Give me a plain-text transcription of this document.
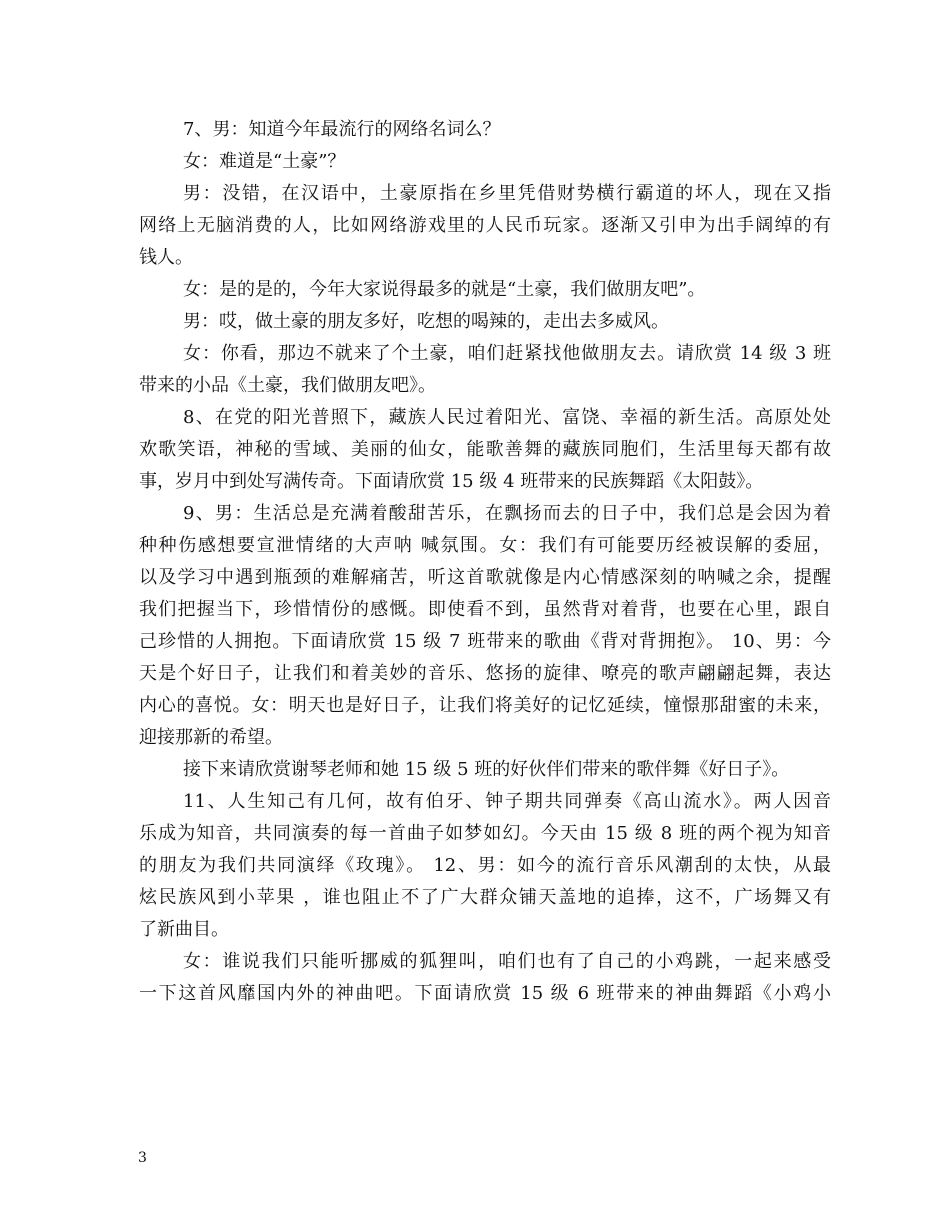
7、男：知道今年最流行的网络名词么？
女：难道是“土豪”？
男：没错，在汉语中，土豪原指在乡里凭借财势横行霸道的坏人，现在又指
网络上无脑消费的人，比如网络游戏里的人民币玩家。逐渐又引申为出手阔绰的有
钱人。
女：是的是的，今年大家说得最多的就是“土豪，我们做朋友吧”。
男：哎，做土豪的朋友多好，吃想的喝辣的，走出去多威风。
女：你看，那边不就来了个土豪，咱们赶紧找他做朋友去。请欣赏 14 级 3 班
带来的小品《土豪，我们做朋友吧》。
8、在党的阳光普照下，藏族人民过着阳光、富饶、幸福的新生活。高原处处
欢歌笑语，神秘的雪域、美丽的仙女，能歌善舞的藏族同胞们，生活里每天都有故
事，岁月中到处写满传奇。下面请欣赏 15 级 4 班带来的民族舞蹈《太阳鼓》。
9、男：生活总是充满着酸甜苦乐，在飘扬而去的日子中，我们总是会因为着
种种伤感想要宣泄情绪的大声呐 喊氛围。女：我们有可能要历经被误解的委屈，
以及学习中遇到瓶颈的难解痛苦，听这首歌就像是内心情感深刻的呐喊之余，提醒
我们把握当下，珍惜情份的感慨。即使看不到，虽然背对着背，也要在心里，跟自
己珍惜的人拥抱。下面请欣赏 15 级 7 班带来的歌曲《背对背拥抱》。 10、男：今
天是个好日子，让我们和着美妙的音乐、悠扬的旋律、嘹亮的歌声翩翩起舞，表达
内心的喜悦。女：明天也是好日子，让我们将美好的记忆延续，憧憬那甜蜜的未来，
迎接那新的希望。
接下来请欣赏谢琴老师和她 15 级 5 班的好伙伴们带来的歌伴舞《好日子》。
11、人生知己有几何，故有伯牙、钟子期共同弹奏《高山流水》。两人因音
乐成为知音，共同演奏的每一首曲子如梦如幻。今天由 15 级 8 班的两个视为知音
的朋友为我们共同演绎《玫瑰》。 12、男：如今的流行音乐风潮刮的太快，从最
炫民族风到小苹果 ，谁也阻止不了广大群众铺天盖地的追捧，这不，广场舞又有
了新曲目。
女：谁说我们只能听挪威的狐狸叫，咱们也有了自己的小鸡跳，一起来感受
一下这首风靡国内外的神曲吧。下面请欣赏 15 级 6 班带来的神曲舞蹈《小鸡小
3
